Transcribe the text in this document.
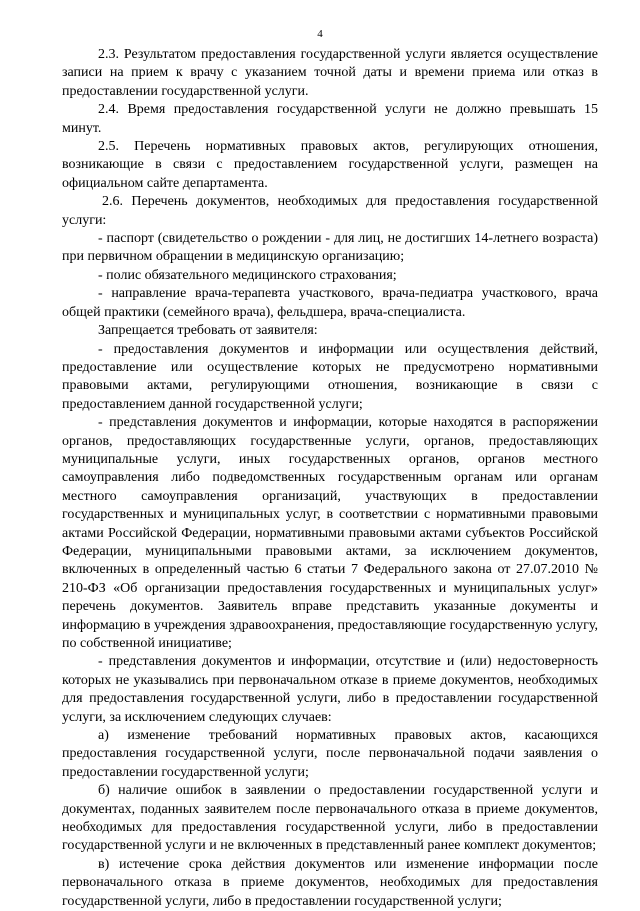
4

2.3. Результатом предоставления государственной услуги является осуществление записи на прием к врачу с указанием точной даты и времени приема или отказ в предоставлении государственной услуги.

2.4. Время предоставления государственной услуги не должно превышать 15 минут.

2.5. Перечень нормативных правовых актов, регулирующих отношения, возникающие в связи с предоставлением государственной услуги, размещен на официальном сайте департамента.

2.6. Перечень документов, необходимых для предоставления государственной услуги:

- паспорт (свидетельство о рождении - для лиц, не достигших 14-летнего возраста) при первичном обращении в медицинскую организацию;

- полис обязательного медицинского страхования;

- направление врача-терапевта участкового, врача-педиатра участкового, врача общей практики (семейного врача), фельдшера, врача-специалиста.

Запрещается требовать от заявителя:

- предоставления документов и информации или осуществления действий, предоставление или осуществление которых не предусмотрено нормативными правовыми актами, регулирующими отношения, возникающие в связи с предоставлением данной государственной услуги;

- представления документов и информации, которые находятся в распоряжении органов, предоставляющих государственные услуги, органов, предоставляющих муниципальные услуги, иных государственных органов, органов местного самоуправления либо подведомственных государственным органам или органам местного самоуправления организаций, участвующих в предоставлении государственных и муниципальных услуг, в соответствии с нормативными правовыми актами Российской Федерации, нормативными правовыми актами субъектов Российской Федерации, муниципальными правовыми актами, за исключением документов, включенных в определенный частью 6 статьи 7 Федерального закона от 27.07.2010 № 210-ФЗ «Об организации предоставления государственных и муниципальных услуг» перечень документов. Заявитель вправе представить указанные документы и информацию в учреждения здравоохранения, предоставляющие государственную услугу, по собственной инициативе;

- представления документов и информации, отсутствие и (или) недостоверность которых не указывались при первоначальном отказе в приеме документов, необходимых для предоставления государственной услуги, либо в предоставлении государственной услуги, за исключением следующих случаев:

а) изменение требований нормативных правовых актов, касающихся предоставления государственной услуги, после первоначальной подачи заявления о предоставлении государственной услуги;

б) наличие ошибок в заявлении о предоставлении государственной услуги и документах, поданных заявителем после первоначального отказа в приеме документов, необходимых для предоставления государственной услуги, либо в предоставлении государственной услуги и не включенных в представленный ранее комплект документов;

в) истечение срока действия документов или изменение информации после первоначального отказа в приеме документов, необходимых для предоставления государственной услуги, либо в предоставлении государственной услуги;
